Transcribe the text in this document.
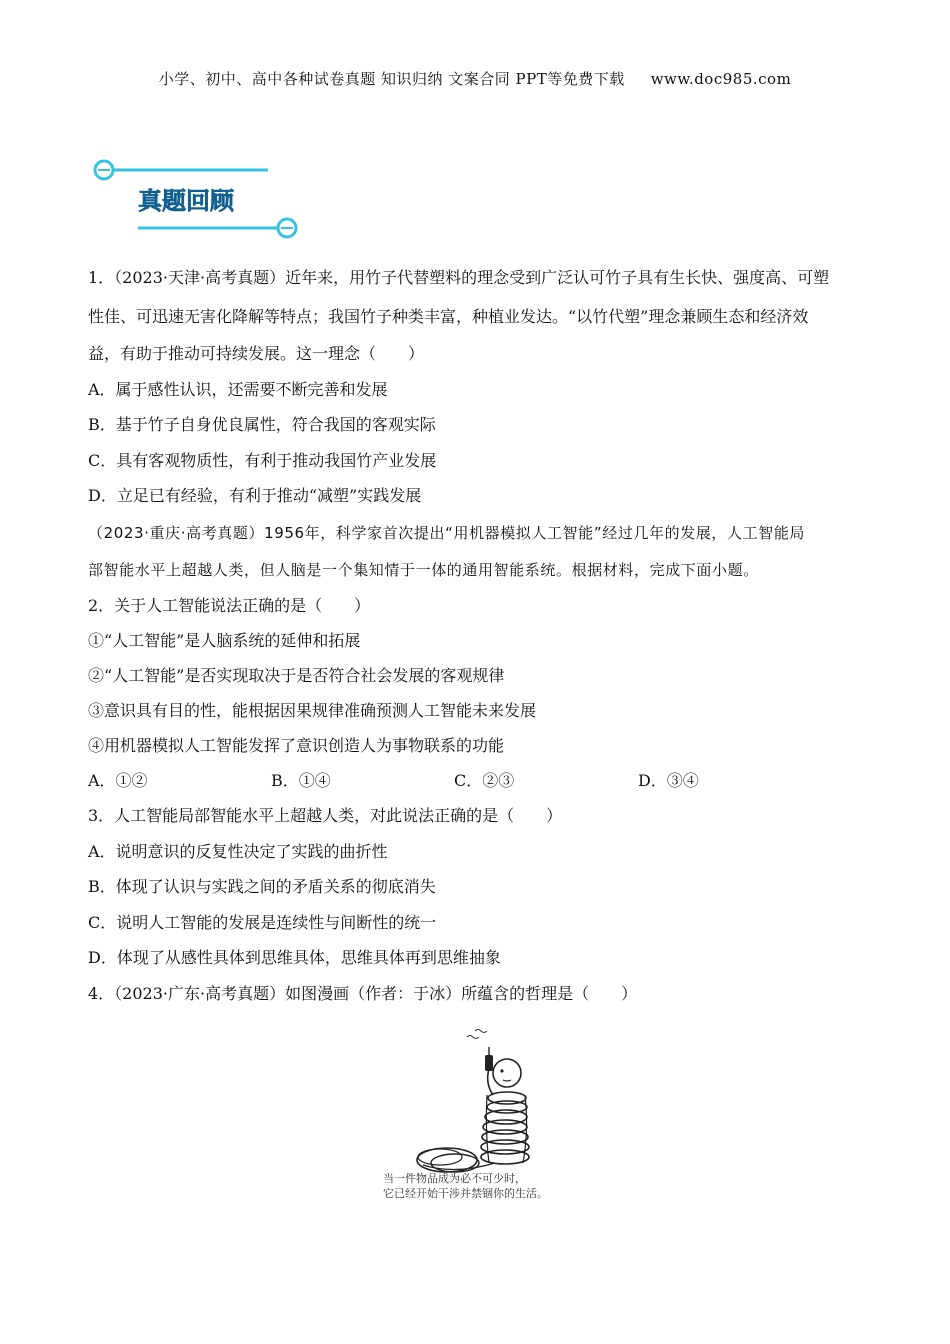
小学、初中、高中各种试卷真题 知识归纳 文案合同 PPT等免费下载 www.doc985.com
真题回顾
1．（2023·天津·高考真题）近年来，用竹子代替塑料的理念受到广泛认可竹子具有生长快、强度高、可塑
性佳、可迅速无害化降解等特点；我国竹子种类丰富，种植业发达。“以竹代塑”理念兼顾生态和经济效
益，有助于推动可持续发展。这一理念（　　）
A．属于感性认识，还需要不断完善和发展
B．基于竹子自身优良属性，符合我国的客观实际
C．具有客观物质性，有利于推动我国竹产业发展
D．立足已有经验，有利于推动“减塑”实践发展
（2023·重庆·高考真题）1956年，科学家首次提出“用机器模拟人工智能”经过几年的发展，人工智能局
部智能水平上超越人类，但人脑是一个集知情于一体的通用智能系统。根据材料，完成下面小题。
2．关于人工智能说法正确的是（　　）
①“人工智能”是人脑系统的延伸和拓展
②“人工智能”是否实现取决于是否符合社会发展的客观规律
③意识具有目的性，能根据因果规律准确预测人工智能未来发展
④用机器模拟人工智能发挥了意识创造人为事物联系的功能
A．①②	B．①④	C．②③	D．③④
3．人工智能局部智能水平上超越人类，对此说法正确的是（　　）
A．说明意识的反复性决定了实践的曲折性
B．体现了认识与实践之间的矛盾关系的彻底消失
C．说明人工智能的发展是连续性与间断性的统一
D．体现了从感性具体到思维具体，思维具体再到思维抽象
4．（2023·广东·高考真题）如图漫画（作者：于冰）所蕴含的哲理是（　　）
当一件物品成为必不可少时，
它已经开始干涉并禁锢你的生活。
